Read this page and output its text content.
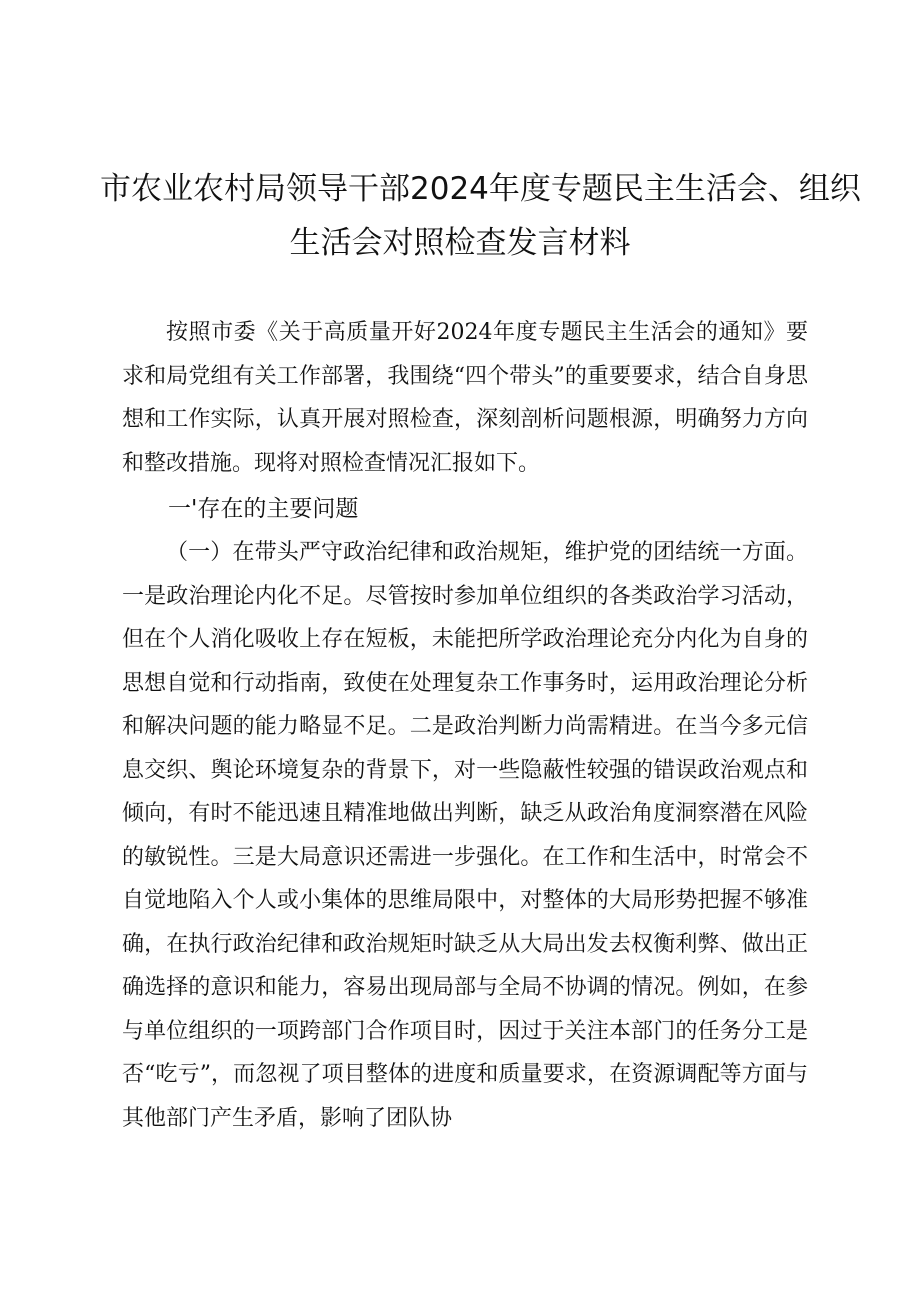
市农业农村局领导干部2024年度专题民主生活会、组织
生活会对照检查发言材料

按照市委《关于高质量开好2024年度专题民主生活会的通知》要求和局党组有关工作部署，我围绕“四个带头”的重要要求，结合自身思想和工作实际，认真开展对照检查，深刻剖析问题根源，明确努力方向和整改措施。现将对照检查情况汇报如下。

一'存在的主要问题

（一）在带头严守政治纪律和政治规矩，维护党的团结统一方面。一是政治理论内化不足。尽管按时参加单位组织的各类政治学习活动，但在个人消化吸收上存在短板，未能把所学政治理论充分内化为自身的思想自觉和行动指南，致使在处理复杂工作事务时，运用政治理论分析和解决问题的能力略显不足。二是政治判断力尚需精进。在当今多元信息交织、舆论环境复杂的背景下，对一些隐蔽性较强的错误政治观点和倾向，有时不能迅速且精准地做出判断，缺乏从政治角度洞察潜在风险的敏锐性。三是大局意识还需进一步强化。在工作和生活中，时常会不自觉地陷入个人或小集体的思维局限中，对整体的大局形势把握不够准确，在执行政治纪律和政治规矩时缺乏从大局出发去权衡利弊、做出正确选择的意识和能力，容易出现局部与全局不协调的情况。例如，在参与单位组织的一项跨部门合作项目时，因过于关注本部门的任务分工是否“吃亏”，而忽视了项目整体的进度和质量要求，在资源调配等方面与其他部门产生矛盾，影响了团队协
